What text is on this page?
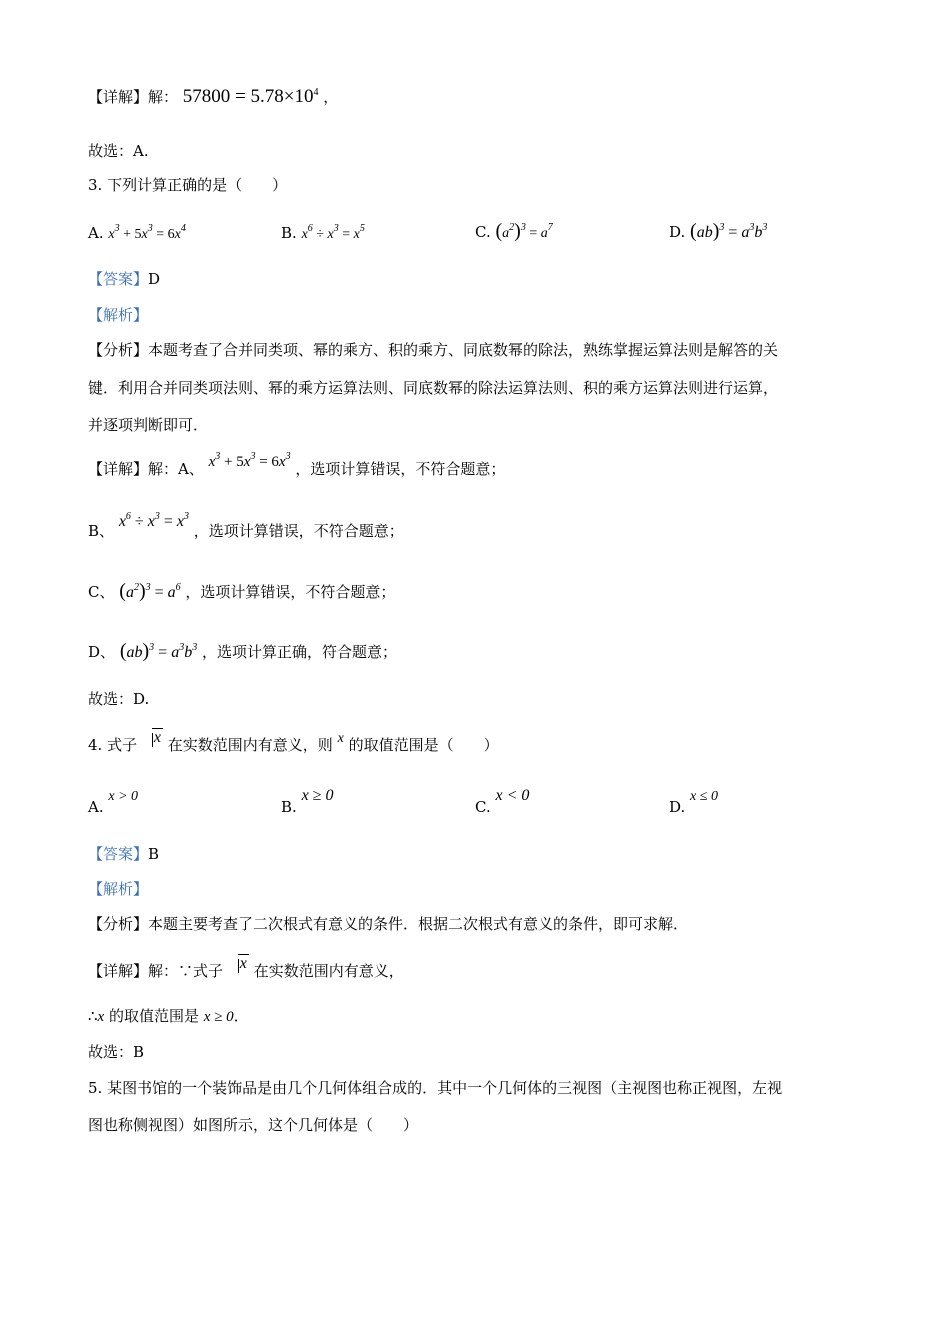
【详解】解： $57800 = 5.78\times 10^4$ ，
故选：A.
3. 下列计算正确的是（　　）
A. $x^3 + 5x^3 = 6x^4$	B. $x^6 \div x^3 = x^5$	C. $(a^2)^3 = a^7$	D. $(ab)^3 = a^3b^3$
【答案】D
【解析】
【分析】本题考查了合并同类项、幂的乘方、积的乘方、同底数幂的除法，熟练掌握运算法则是解答的关
键．利用合并同类项法则、幂的乘方运算法则、同底数幂的除法运算法则、积的乘方运算法则进行运算，
并逐项判断即可．
【详解】解：A、 $x^3 + 5x^3 = 6x^3$ ，选项计算错误，不符合题意；
B、 $x^6 \div x^3 = x^3$ ，选项计算错误，不符合题意；
C、 $(a^2)^3 = a^6$ ，选项计算错误，不符合题意；
D、 $(ab)^3 = a^3b^3$ ，选项计算正确，符合题意；
故选：D.
4. 式子 x 在实数范围内有意义，则 x 的取值范围是（　　）
A. x > 0
B. x ≥ 0
C. x < 0
D. x ≤ 0
【答案】B
【解析】
【分析】本题主要考查了二次根式有意义的条件．根据二次根式有意义的条件，即可求解．
【详解】解：∵式子 x 在实数范围内有意义，
∴x 的取值范围是 x ≥ 0．
故选：B
5. 某图书馆的一个装饰品是由几个几何体组合成的．其中一个几何体的三视图（主视图也称正视图，左视
图也称侧视图）如图所示，这个几何体是（　　）
